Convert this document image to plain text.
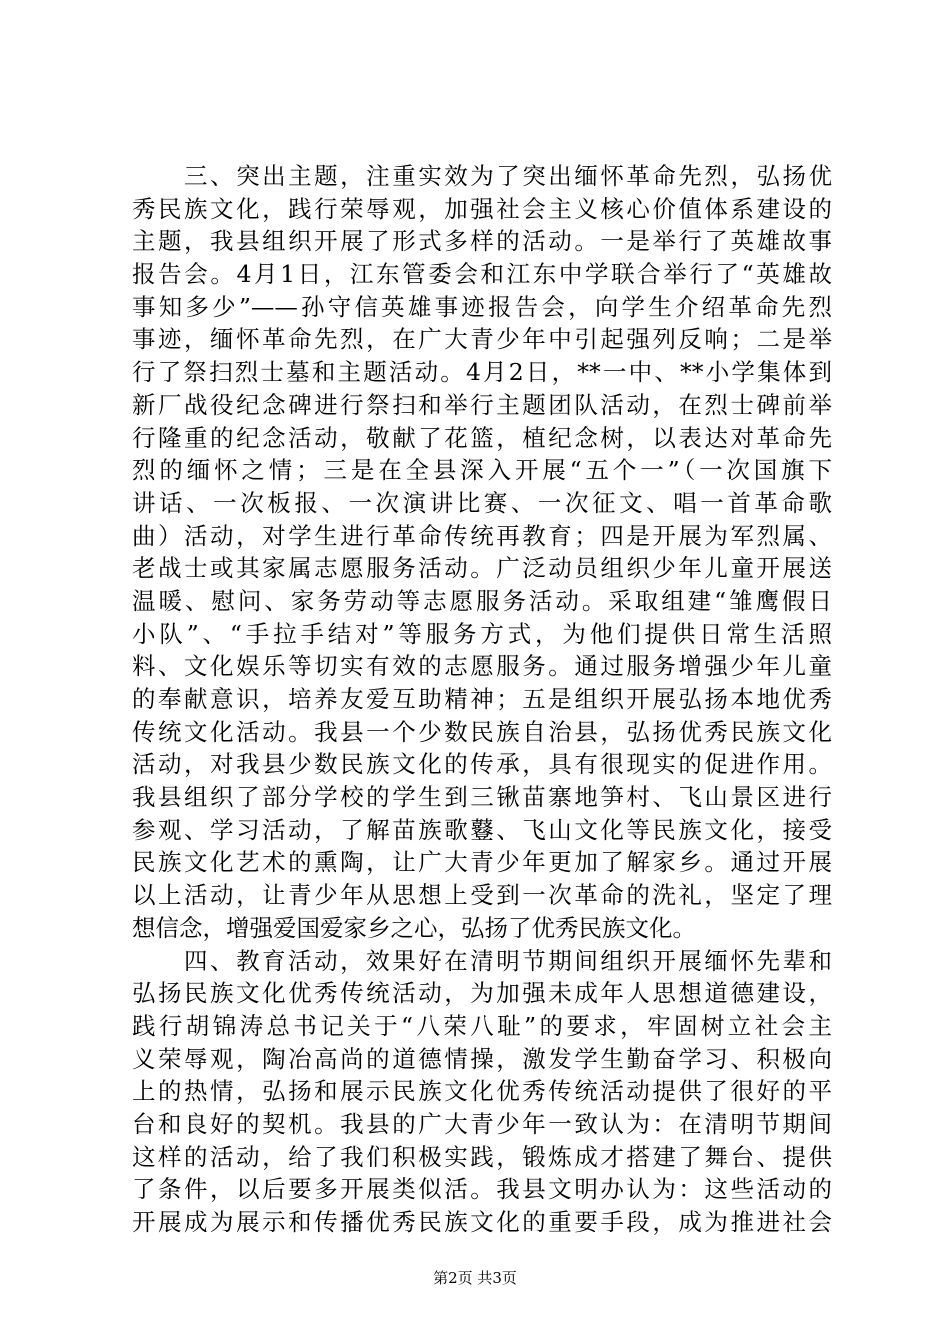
　　三、突出主题，注重实效为了突出缅怀革命先烈，弘扬优
秀民族文化，践行荣辱观，加强社会主义核心价值体系建设的
主题，我县组织开展了形式多样的活动。一是举行了英雄故事
报告会。4月1日，江东管委会和江东中学联合举行了“英雄故
事知多少”——孙守信英雄事迹报告会，向学生介绍革命先烈
事迹，缅怀革命先烈，在广大青少年中引起强列反响；二是举
行了祭扫烈士墓和主题活动。4月2日，**一中、**小学集体到
新厂战役纪念碑进行祭扫和举行主题团队活动，在烈士碑前举
行隆重的纪念活动，敬献了花篮，植纪念树，以表达对革命先
烈的缅怀之情；三是在全县深入开展“五个一”（一次国旗下
讲话、一次板报、一次演讲比赛、一次征文、唱一首革命歌
曲）活动，对学生进行革命传统再教育；四是开展为军烈属、
老战士或其家属志愿服务活动。广泛动员组织少年儿童开展送
温暖、慰问、家务劳动等志愿服务活动。采取组建“雏鹰假日
小队”、“手拉手结对”等服务方式，为他们提供日常生活照
料、文化娱乐等切实有效的志愿服务。通过服务增强少年儿童
的奉献意识，培养友爱互助精神；五是组织开展弘扬本地优秀
传统文化活动。我县一个少数民族自治县，弘扬优秀民族文化
活动，对我县少数民族文化的传承，具有很现实的促进作用。
我县组织了部分学校的学生到三锹苗寨地笋村、飞山景区进行
参观、学习活动，了解苗族歌鼟、飞山文化等民族文化，接受
民族文化艺术的熏陶，让广大青少年更加了解家乡。通过开展
以上活动，让青少年从思想上受到一次革命的洗礼，坚定了理
想信念，增强爱国爱家乡之心，弘扬了优秀民族文化。
　　四、教育活动，效果好在清明节期间组织开展缅怀先辈和
弘扬民族文化优秀传统活动，为加强未成年人思想道德建设，
践行胡锦涛总书记关于“八荣八耻”的要求，牢固树立社会主
义荣辱观，陶冶高尚的道德情操，激发学生勤奋学习、积极向
上的热情，弘扬和展示民族文化优秀传统活动提供了很好的平
台和良好的契机。我县的广大青少年一致认为：在清明节期间
这样的活动，给了我们积极实践，锻炼成才搭建了舞台、提供
了条件，以后要多开展类似活。我县文明办认为：这些活动的
开展成为展示和传播优秀民族文化的重要手段，成为推进社会
第2页 共3页
